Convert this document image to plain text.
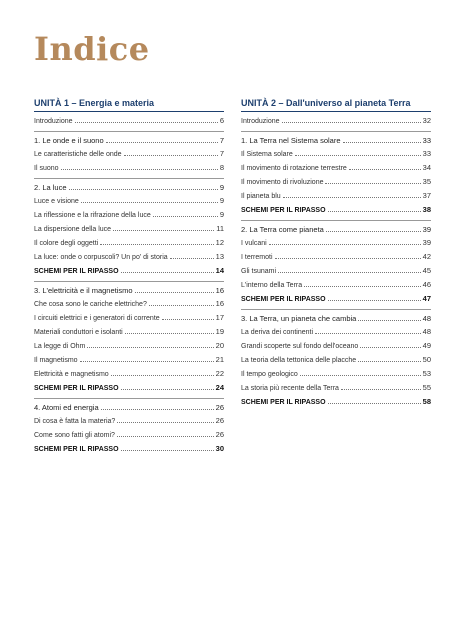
Indice
UNITÀ 1 – Energia e materia
Introduzione	6
1. Le onde e il suono	7
Le caratteristiche delle onde	7
Il suono	8
2. La luce	9
Luce e visione	9
La riflessione e la rifrazione della luce	9
La dispersione della luce	11
Il colore degli oggetti	12
La luce: onde o corpuscoli? Un po' di storia	13
SCHEMI PER IL RIPASSO	14
3. L'elettricità e il magnetismo	16
Che cosa sono le cariche elettriche?	16
I circuiti elettrici e i generatori di corrente	17
Materiali conduttori e isolanti	19
La legge di Ohm	20
Il magnetismo	21
Elettricità e magnetismo	22
SCHEMI PER IL RIPASSO	24
4. Atomi ed energia	26
Di cosa è fatta la materia?	26
Come sono fatti gli atomi?	26
SCHEMI PER IL RIPASSO	30
UNITÀ 2 – Dall'universo al pianeta Terra
Introduzione	32
1. La Terra nel Sistema solare	33
Il Sistema solare	33
Il movimento di rotazione terrestre	34
Il movimento di rivoluzione	35
Il pianeta blu	37
SCHEMI PER IL RIPASSO	38
2. La Terra come pianeta	39
I vulcani	39
I terremoti	42
Gli tsunami	45
L'interno della Terra	46
SCHEMI PER IL RIPASSO	47
3. La Terra, un pianeta che cambia	48
La deriva dei continenti	48
Grandi scoperte sul fondo dell'oceano	49
La teoria della tettonica delle placche	50
Il tempo geologico	53
La storia più recente della Terra	55
SCHEMI PER IL RIPASSO	58
